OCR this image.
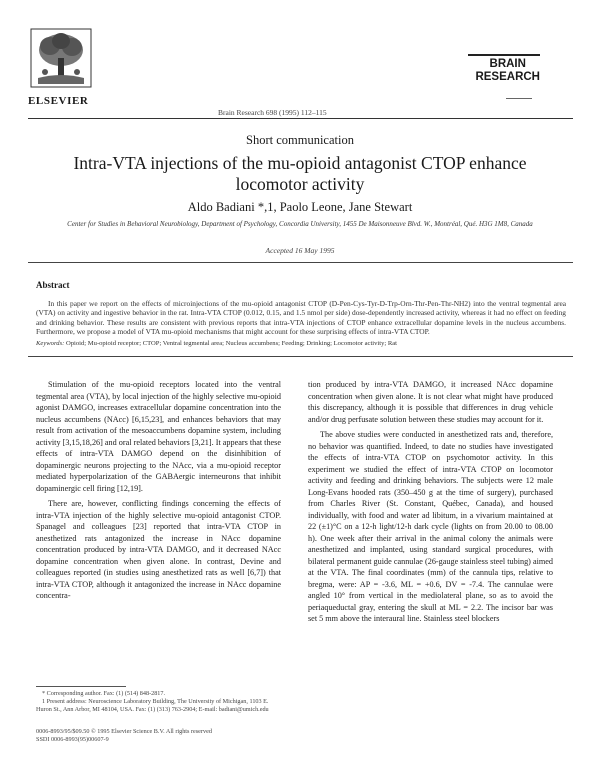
ELSEVIER
Brain Research 698 (1995) 112–115
BRAIN
RESEARCH
Short communication
Intra-VTA injections of the mu-opioid antagonist CTOP enhance locomotor activity
Aldo Badiani *,1, Paolo Leone, Jane Stewart
Center for Studies in Behavioral Neurobiology, Department of Psychology, Concordia University, 1455 De Maisonneuve Blvd. W., Montréal, Qué. H3G 1M8, Canada
Accepted 16 May 1995
Abstract
In this paper we report on the effects of microinjections of the mu-opioid antagonist CTOP (D-Pen-Cys-Tyr-D-Trp-Orn-Thr-Pen-Thr-NH2) into the ventral tegmental area (VTA) on activity and ingestive behavior in the rat. Intra-VTA CTOP (0.012, 0.15, and 1.5 nmol per side) dose-dependently increased activity, whereas it had no effect on feeding and drinking behavior. These results are consistent with previous reports that intra-VTA injections of CTOP enhance extracellular dopamine levels in the nucleus accumbens. Furthermore, we propose a model of VTA mu-opioid mechanisms that might account for these surprising effects of intra-VTA CTOP.
Keywords: Opioid; Mu-opioid receptor; CTOP; Ventral tegmental area; Nucleus accumbens; Feeding; Drinking; Locomotor activity; Rat

Stimulation of the mu-opioid receptors located into the ventral tegmental area (VTA), by local injection of the highly selective mu-opioid agonist DAMGO, increases extracellular dopamine concentration into the nucleus accumbens (NAcc) [6,15,23], and enhances behaviors that may result from activation of the mesoaccumbens dopamine system, including activity [3,15,18,26] and oral related behaviors [3,21]. It appears that these effects of intra-VTA DAMGO depend on the disinhibition of dopaminergic neurons projecting to the NAcc, via a mu-opioid receptor mediated hyperpolarization of the GABAergic interneurons that inhibit dopaminergic cell firing [12,19].

There are, however, conflicting findings concerning the effects of intra-VTA injection of the highly selective mu-opioid antagonist CTOP. Spanagel and colleagues [23] reported that intra-VTA CTOP in anesthetized rats antagonized the increase in NAcc dopamine concentration produced by intra-VTA DAMGO, and it decreased NAcc dopamine concentration when given alone. In contrast, Devine and colleagues reported (in studies using anesthetized rats as well [6,7]) that intra-VTA CTOP, although it antagonized the increase in NAcc dopamine concentra-

tion produced by intra-VTA DAMGO, it increased NAcc dopamine concentration when given alone. It is not clear what might have produced this discrepancy, although it is possible that differences in drug vehicle and/or drug perfusate solution between these studies may account for it.

The above studies were conducted in anesthetized rats and, therefore, no behavior was quantified. Indeed, to date no studies have investigated the effects of intra-VTA CTOP on psychomotor activity. In this experiment we studied the effect of intra-VTA CTOP on locomotor activity and feeding and drinking behaviors. The subjects were 12 male Long-Evans hooded rats (350–450 g at the time of surgery), purchased from Charles River (St. Constant, Québec, Canada), and housed individually, with food and water ad libitum, in a vivarium maintained at 22 (±1)°C on a 12-h light/12-h dark cycle (lights on from 20.00 to 08.00 h). One week after their arrival in the animal colony the animals were anesthetized and implanted, using standard surgical procedures, with bilateral permanent guide cannulae (26-gauge stainless steel tubing) aimed at the VTA. The final coordinates (mm) of the cannula tips, relative to bregma, were: AP = -3.6, ML = +0.6, DV = -7.4. The cannulae were angled 10° from vertical in the mediolateral plane, so as to avoid the periaqueductal gray, entering the skull at ML = 2.2. The incisor bar was set 5 mm above the interaural line. Stainless steel blockers

* Corresponding author. Fax: (1) (514) 848-2817.

1 Present address: Neuroscience Laboratory Building, The University of Michigan, 1103 E. Huron St., Ann Arbor, MI 48104, USA. Fax: (1) (313) 763-2904; E-mail: badiani@umich.edu

0006-8993/95/$09.50 © 1995 Elsevier Science B.V. All rights reserved
SSDI 0006-8993(95)00607-9
